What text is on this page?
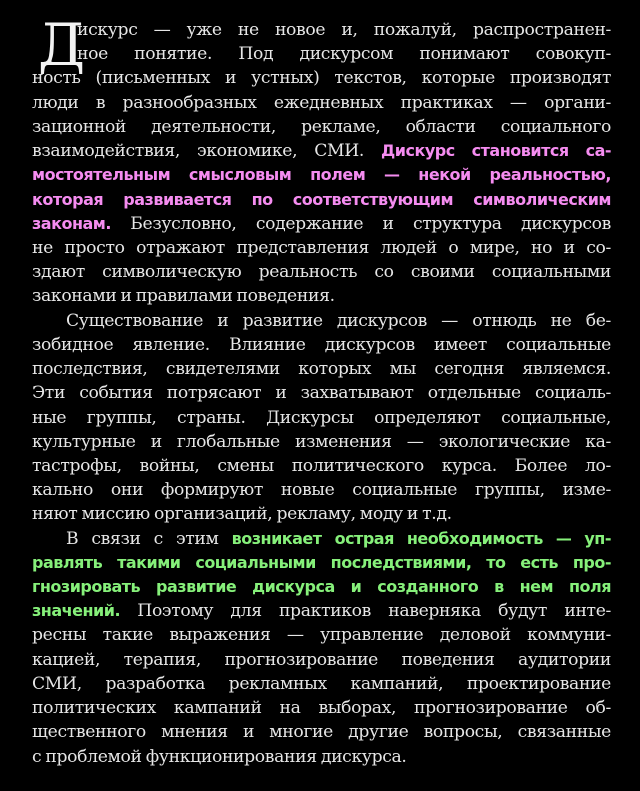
Д
искурс — уже не новое и, пожалуй, распространен-
ное понятие. Под дискурсом понимают совокуп-
ность (письменных и устных) текстов, которые производят
люди в разнообразных ежедневных практиках — органи-
зационной деятельности, рекламе, области социального
взаимодействия, экономике, СМИ. Дискурс становится са-
мостоятельным смысловым полем — некой реальностью,
которая развивается по соответствующим символическим
законам. Безусловно, содержание и структура дискурсов
не просто отражают представления людей о мире, но и со-
здают символическую реальность со своими социальными
законами и правилами поведения.
Существование и развитие дискурсов — отнюдь не бе-
зобидное явление. Влияние дискурсов имеет социальные
последствия, свидетелями которых мы сегодня являемся.
Эти события потрясают и захватывают отдельные социаль-
ные группы, страны. Дискурсы определяют социальные,
культурные и глобальные изменения — экологические ка-
тастрофы, войны, смены политического курса. Более ло-
кально они формируют новые социальные группы, изме-
няют миссию организаций, рекламу, моду и т.д.
В связи с этим возникает острая необходимость — уп-
равлять такими социальными последствиями, то есть про-
гнозировать развитие дискурса и созданного в нем поля
значений. Поэтому для практиков наверняка будут инте-
ресны такие выражения — управление деловой коммуни-
кацией, терапия, прогнозирование поведения аудитории
СМИ, разработка рекламных кампаний, проектирование
политических кампаний на выборах, прогнозирование об-
щественного мнения и многие другие вопросы, связанные
с проблемой функционирования дискурса.
